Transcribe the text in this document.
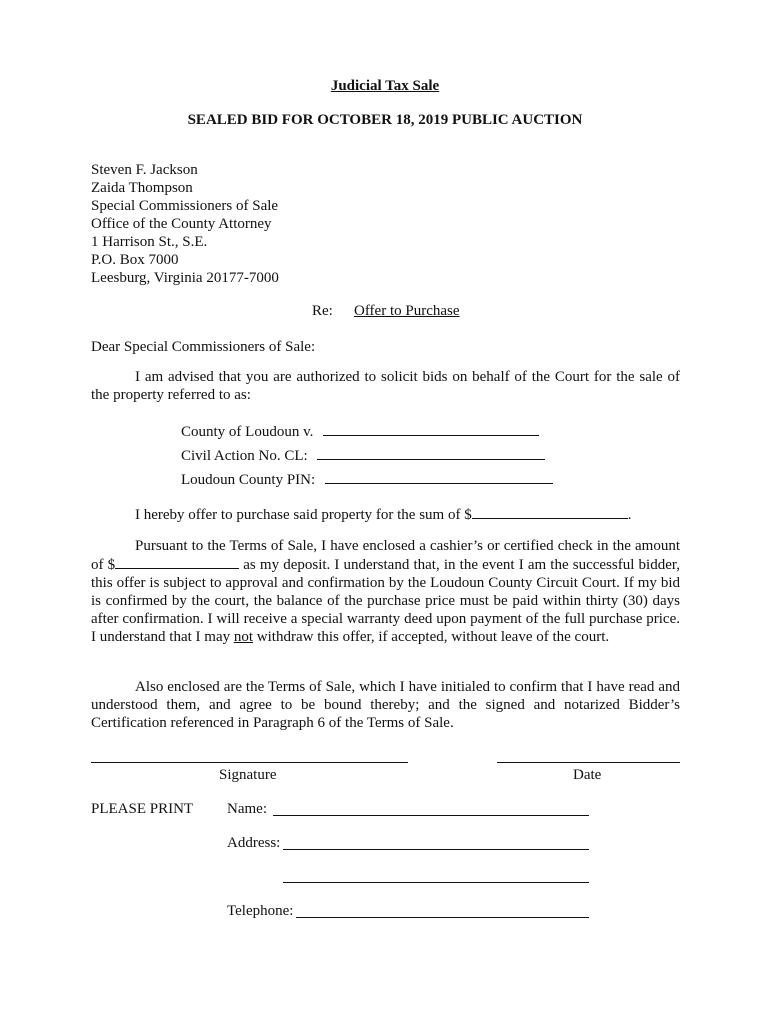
Judicial Tax Sale
SEALED BID FOR OCTOBER 18, 2019 PUBLIC AUCTION
Steven F. Jackson
Zaida Thompson
Special Commissioners of Sale
Office of the County Attorney
1 Harrison St., S.E.
P.O. Box 7000
Leesburg, Virginia 20177-7000
Re: Offer to Purchase
Dear Special Commissioners of Sale:
I am advised that you are authorized to solicit bids on behalf of the Court for the sale of the property referred to as:
County of Loudoun v.
Civil Action No. CL:
Loudoun County PIN:
I hereby offer to purchase said property for the sum of $	.
Pursuant to the Terms of Sale, I have enclosed a cashier’s or certified check in the amount of $	as my deposit. I understand that, in the event I am the successful bidder, this offer is subject to approval and confirmation by the Loudoun County Circuit Court. If my bid is confirmed by the court, the balance of the purchase price must be paid within thirty (30) days after confirmation. I will receive a special warranty deed upon payment of the full purchase price. I understand that I may not withdraw this offer, if accepted, without leave of the court.
Also enclosed are the Terms of Sale, which I have initialed to confirm that I have read and understood them, and agree to be bound thereby; and the signed and notarized Bidder’s Certification referenced in Paragraph 6 of the Terms of Sale.
Signature	Date
PLEASE PRINT Name:
Address:
Telephone:
